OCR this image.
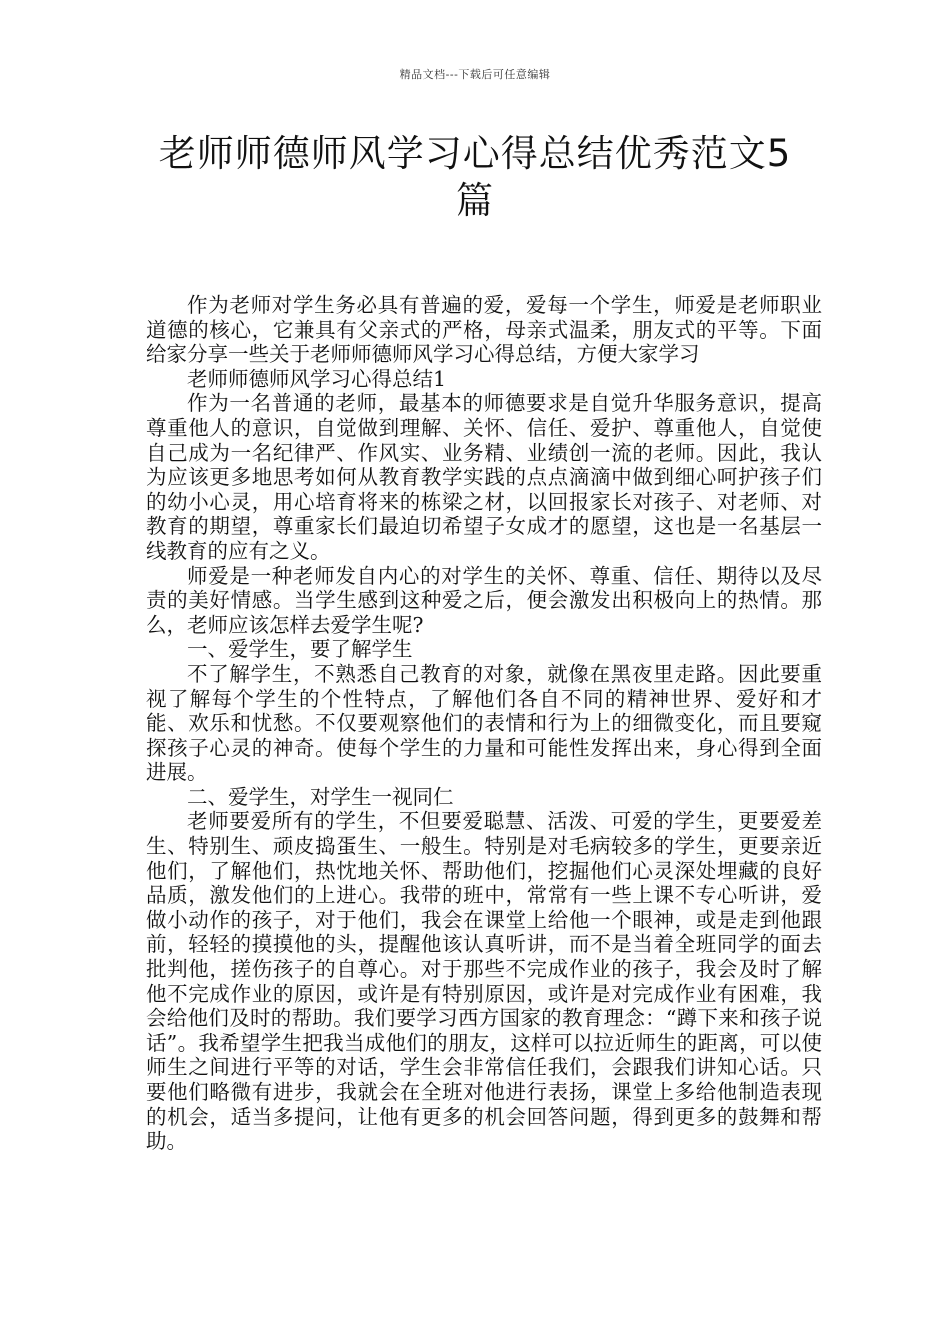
精品文档---下载后可任意编辑
老师师德师风学习心得总结优秀范文5篇

作为老师对学生务必具有普遍的爱，爱每一个学生，师爱是老师职业道德的核心，它兼具有父亲式的严格，母亲式温柔，朋友式的平等。下面给家分享一些关于老师师德师风学习心得总结，方便大家学习

老师师德师风学习心得总结1

作为一名普通的老师，最基本的师德要求是自觉升华服务意识，提高尊重他人的意识，自觉做到理解、关怀、信任、爱护、尊重他人，自觉使自己成为一名纪律严、作风实、业务精、业绩创一流的老师。因此，我认为应该更多地思考如何从教育教学实践的点点滴滴中做到细心呵护孩子们的幼小心灵，用心培育将来的栋梁之材，以回报家长对孩子、对老师、对教育的期望，尊重家长们最迫切希望子女成才的愿望，这也是一名基层一线教育的应有之义。

师爱是一种老师发自内心的对学生的关怀、尊重、信任、期待以及尽责的美好情感。当学生感到这种爱之后，便会激发出积极向上的热情。那么，老师应该怎样去爱学生呢?

一、爱学生，要了解学生

不了解学生，不熟悉自己教育的对象，就像在黑夜里走路。因此要重视了解每个学生的个性特点，了解他们各自不同的精神世界、爱好和才能、欢乐和忧愁。不仅要观察他们的表情和行为上的细微变化，而且要窥探孩子心灵的神奇。使每个学生的力量和可能性发挥出来，身心得到全面进展。

二、爱学生，对学生一视同仁

老师要爱所有的学生，不但要爱聪慧、活泼、可爱的学生，更要爱差生、特别生、顽皮捣蛋生、一般生。特别是对毛病较多的学生，更要亲近他们，了解他们，热忱地关怀、帮助他们，挖掘他们心灵深处埋藏的良好品质，激发他们的上进心。我带的班中，常常有一些上课不专心听讲，爱做小动作的孩子，对于他们，我会在课堂上给他一个眼神，或是走到他跟前，轻轻的摸摸他的头，提醒他该认真听讲，而不是当着全班同学的面去批判他，搓伤孩子的自尊心。对于那些不完成作业的孩子，我会及时了解他不完成作业的原因，或许是有特别原因，或许是对完成作业有困难，我会给他们及时的帮助。我们要学习西方国家的教育理念：“蹲下来和孩子说话”。我希望学生把我当成他们的朋友，这样可以拉近师生的距离，可以使师生之间进行平等的对话，学生会非常信任我们，会跟我们讲知心话。只要他们略微有进步，我就会在全班对他进行表扬，课堂上多给他制造表现的机会，适当多提问，让他有更多的机会回答问题，得到更多的鼓舞和帮助。
